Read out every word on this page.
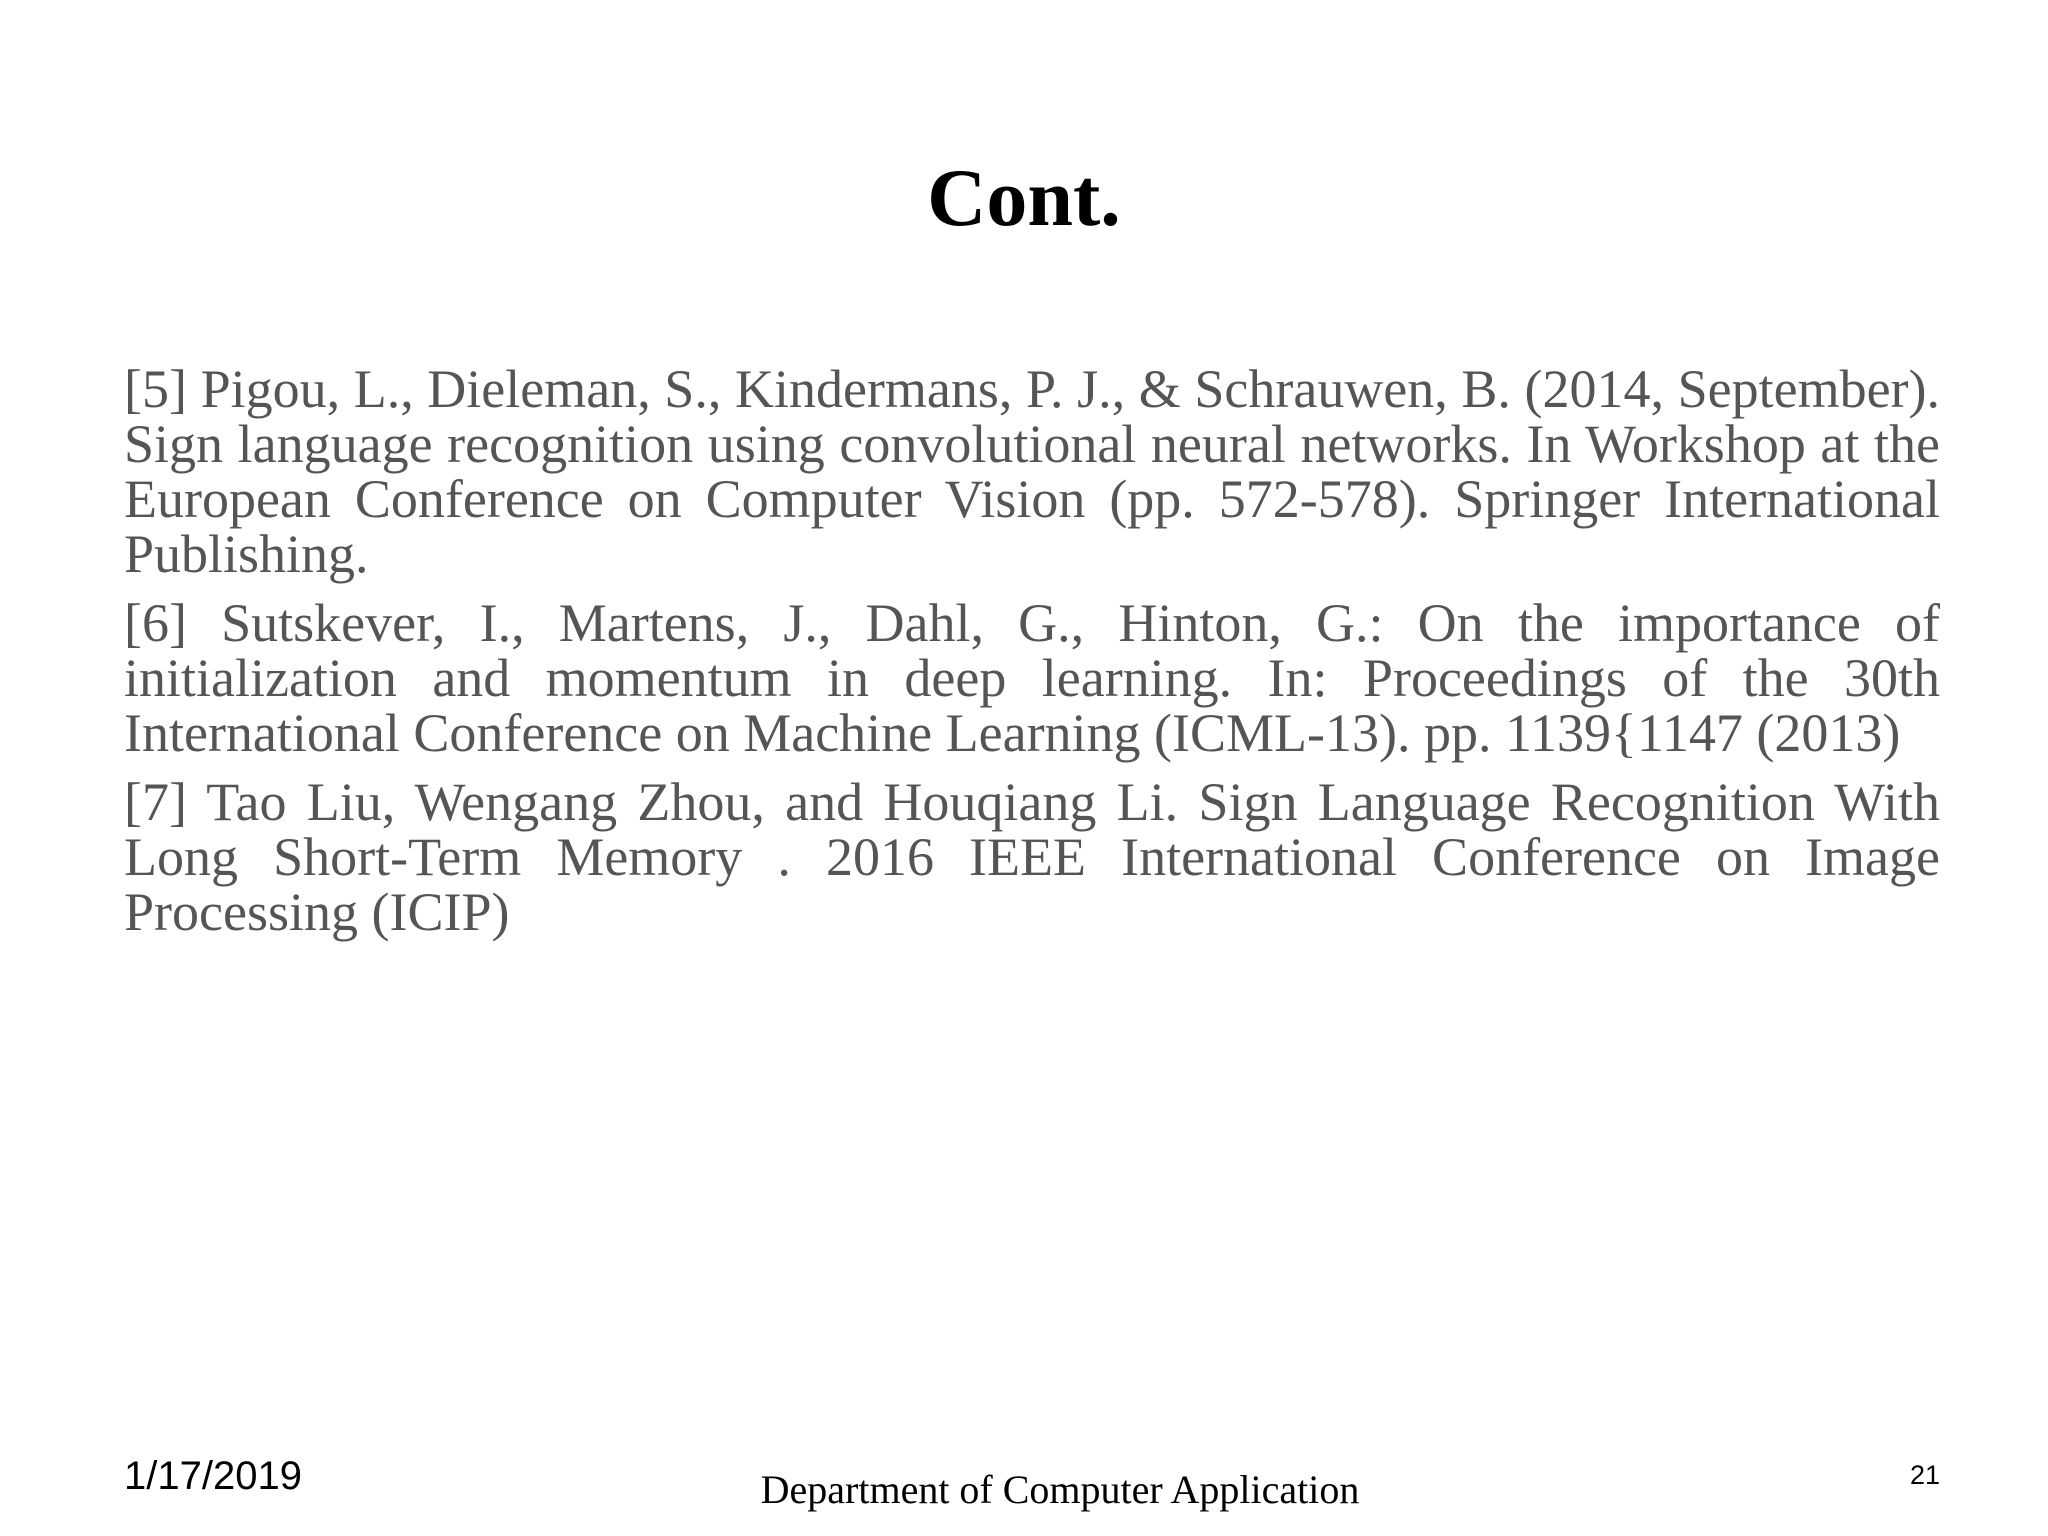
Cont.

[5] Pigou, L., Dieleman, S., Kindermans, P. J., & Schrauwen, B. (2014, September). Sign language recognition using convolutional neural networks. In Workshop at the European Conference on Computer Vision (pp. 572-578). Springer International Publishing.

[6] Sutskever, I., Martens, J., Dahl, G., Hinton, G.: On the importance of initialization and momentum in deep learning. In: Proceedings of the 30th International Conference on Machine Learning (ICML-13). pp. 1139{1147 (2013)

[7] Tao Liu, Wengang Zhou, and Houqiang Li. Sign Language Recognition With Long Short-Term Memory . 2016 IEEE International Conference on Image Processing (ICIP)

1/17/2019	Department of Computer Application	21
